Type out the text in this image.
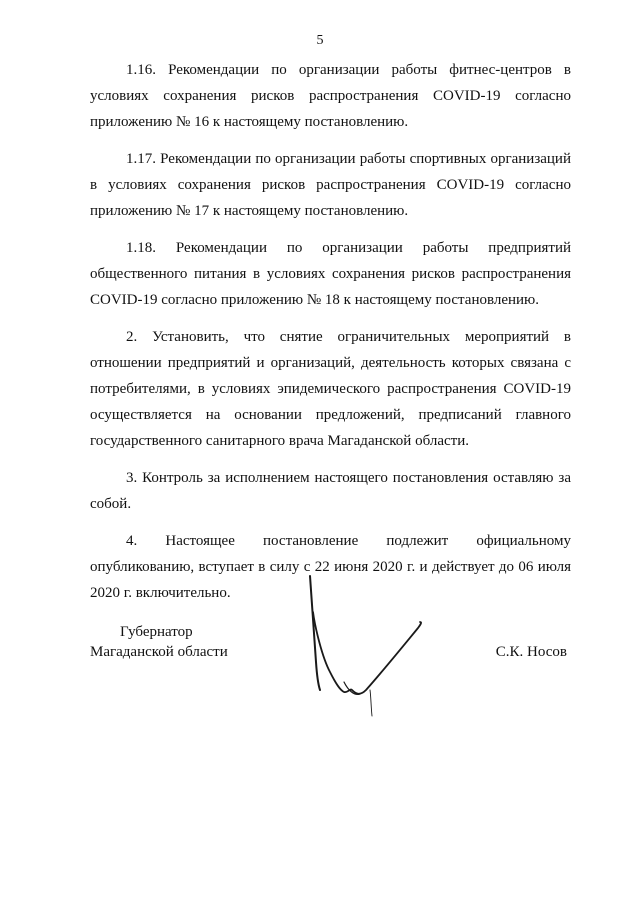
5

1.16. Рекомендации по организации работы фитнес-центров в условиях сохранения рисков распространения COVID-19 согласно приложению № 16 к настоящему постановлению.

1.17. Рекомендации по организации работы спортивных организаций в условиях сохранения рисков распространения COVID-19 согласно приложению № 17 к настоящему постановлению.

1.18. Рекомендации по организации работы предприятий общественного питания в условиях сохранения рисков распространения COVID-19 согласно приложению № 18 к настоящему постановлению.

2. Установить, что снятие ограничительных мероприятий в отношении предприятий и организаций, деятельность которых связана с потребителями, в условиях эпидемического распространения COVID-19 осуществляется на основании предложений, предписаний главного государственного санитарного врача Магаданской области.

3. Контроль за исполнением настоящего постановления оставляю за собой.

4. Настоящее постановление подлежит официальному опубликованию, вступает в силу с 22 июня 2020 г. и действует до 06 июля 2020 г. включительно.

Губернатор
Магаданской области	С.К. Носов
